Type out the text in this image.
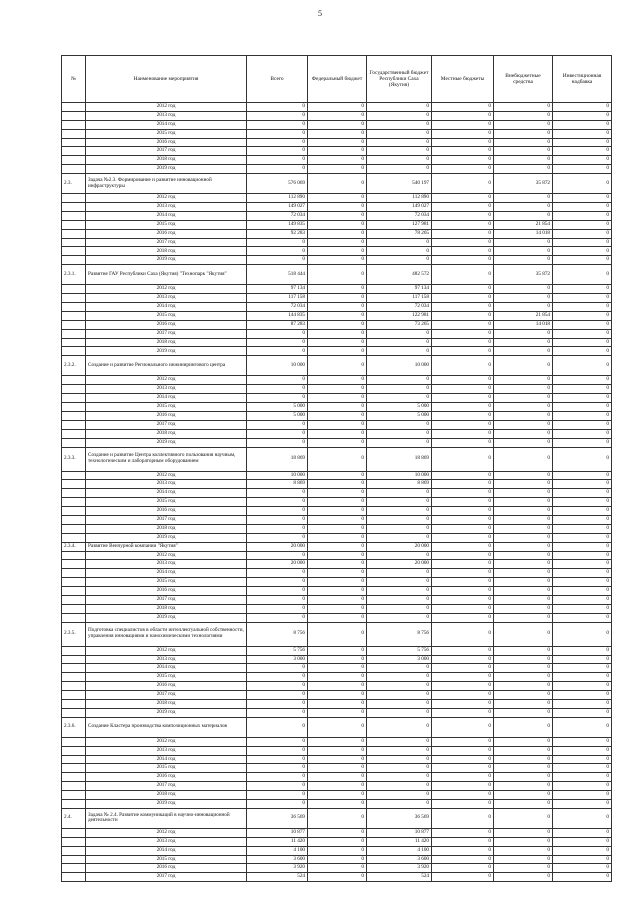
5
№	Наименование мероприятия	Всего	Федеральный бюджет	Государственный бюджет Республики Саха (Якутия)	Местные бюджеты	Внебюджетные средства	Инвестиционная надбавка
	2012 год	0	0	0	0	0	0
	2013 год	0	0	0	0	0	0
	2014 год	0	0	0	0	0	0
	2015 год	0	0	0	0	0	0
	2016 год	0	0	0	0	0	0
	2017 год	0	0	0	0	0	0
	2018 год	0	0	0	0	0	0
	2019 год	0	0	0	0	0	0
2.3.	Задача №2.3. Формирование и развитие инновационной инфраструктуры	576 069	0	540 197	0	35 872	0
	2012 год	112 890	0	112 890	0	0	0
	2013 год	149 027	0	149 027	0	0	0
	2014 год	72 034	0	72 034	0	0	0
	2015 год	149 835	0	127 981	0	21 854	0
	2016 год	92 283	0	78 265	0	14 018	0
	2017 год	0	0	0	0	0	0
	2018 год	0	0	0	0	0	0
	2019 год	0	0	0	0	0	0
2.3.1.	Развитие ГАУ Республики Саха (Якутия) "Технопарк "Якутия"	518 444	0	482 572	0	35 872	0
	2012 год	97 134	0	97 134	0	0	0
	2013 год	117 158	0	117 158	0	0	0
	2014 год	72 034	0	72 034	0	0	0
	2015 год	144 835	0	122 981	0	21 854	0
	2016 год	87 283	0	73 265	0	14 018	0
	2017 год	0	0	0	0	0	0
	2018 год	0	0	0	0	0	0
	2019 год	0	0	0	0	0	0
2.3.2.	Создание и развитие Регионального инжинирингового центра	10 000	0	10 000	0	0	0
	2012 год	0	0	0	0	0	0
	2013 год	0	0	0	0	0	0
	2014 год	0	0	0	0	0	0
	2015 год	5 000	0	5 000	0	0	0
	2016 год	5 000	0	5 000	0	0	0
	2017 год	0	0	0	0	0	0
	2018 год	0	0	0	0	0	0
	2019 год	0	0	0	0	0	0
2.3.3.	Создание и развитие Центра коллективного пользования научным, технологическим и лабораторным оборудованием	18 869	0	18 869	0	0	0
	2012 год	10 000	0	10 000	0	0	0
	2013 год	8 869	0	8 869	0	0	0
	2014 год	0	0	0	0	0	0
	2015 год	0	0	0	0	0	0
	2016 год	0	0	0	0	0	0
	2017 год	0	0	0	0	0	0
	2018 год	0	0	0	0	0	0
	2019 год	0	0	0	0	0	0
2.3.4.	Развитие Венчурной компании "Якутия"	20 000	0	20 000	0	0	0
	2012 год	0	0	0	0	0	0
	2013 год	20 000	0	20 000	0	0	0
	2014 год	0	0	0	0	0	0
	2015 год	0	0	0	0	0	0
	2016 год	0	0	0	0	0	0
	2017 год	0	0	0	0	0	0
	2018 год	0	0	0	0	0	0
	2019 год	0	0	0	0	0	0
2.3.5.	Подготовка специалистов в области интеллектуальной собственности, управления инновациями и нанохимическими технологиями	8 756	0	8 756	0	0	0
	2012 год	5 756	0	5 756	0	0	0
	2013 год	3 000	0	3 000	0	0	0
	2014 год	0	0	0	0	0	0
	2015 год	0	0	0	0	0	0
	2016 год	0	0	0	0	0	0
	2017 год	0	0	0	0	0	0
	2018 год	0	0	0	0	0	0
	2019 год	0	0	0	0	0	0
2.3.6.	Создание Кластера производства композиционных материалов	0	0	0	0	0	0
	2012 год	0	0	0	0	0	0
	2013 год	0	0	0	0	0	0
	2014 год	0	0	0	0	0	0
	2015 год	0	0	0	0	0	0
	2016 год	0	0	0	0	0	0
	2017 год	0	0	0	0	0	0
	2018 год	0	0	0	0	0	0
	2019 год	0	0	0	0	0	0
2.4.	Задача № 2.4. Развитие коммуникаций в научно-инновационной деятельности	36 569	0	36 569	0	0	0
	2012 год	10 877	0	10 877	0	0	0
	2013 год	11 420	0	11 420	0	0	0
	2014 год	4 100	0	4 100	0	0	0
	2015 год	3 600	0	3 600	0	0	0
	2016 год	3 920	0	3 920	0	0	0
	2017 год	524	0	524	0	0	0
